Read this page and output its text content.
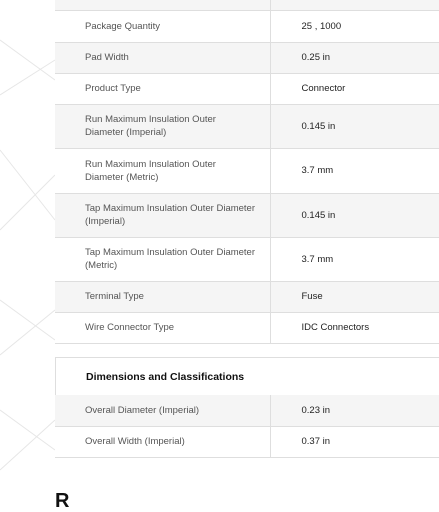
Package Quantity	25 , 1000
Pad Width	0.25 in
Product Type	Connector
Run Maximum Insulation Outer Diameter (Imperial)	0.145 in
Run Maximum Insulation Outer Diameter (Metric)	3.7 mm
Tap Maximum Insulation Outer Diameter (Imperial)	0.145 in
Tap Maximum Insulation Outer Diameter (Metric)	3.7 mm
Terminal Type	Fuse
Wire Connector Type	IDC Connectors
Dimensions and Classifications
Overall Diameter (Imperial)	0.23 in
Overall Width (Imperial)	0.37 in
R
